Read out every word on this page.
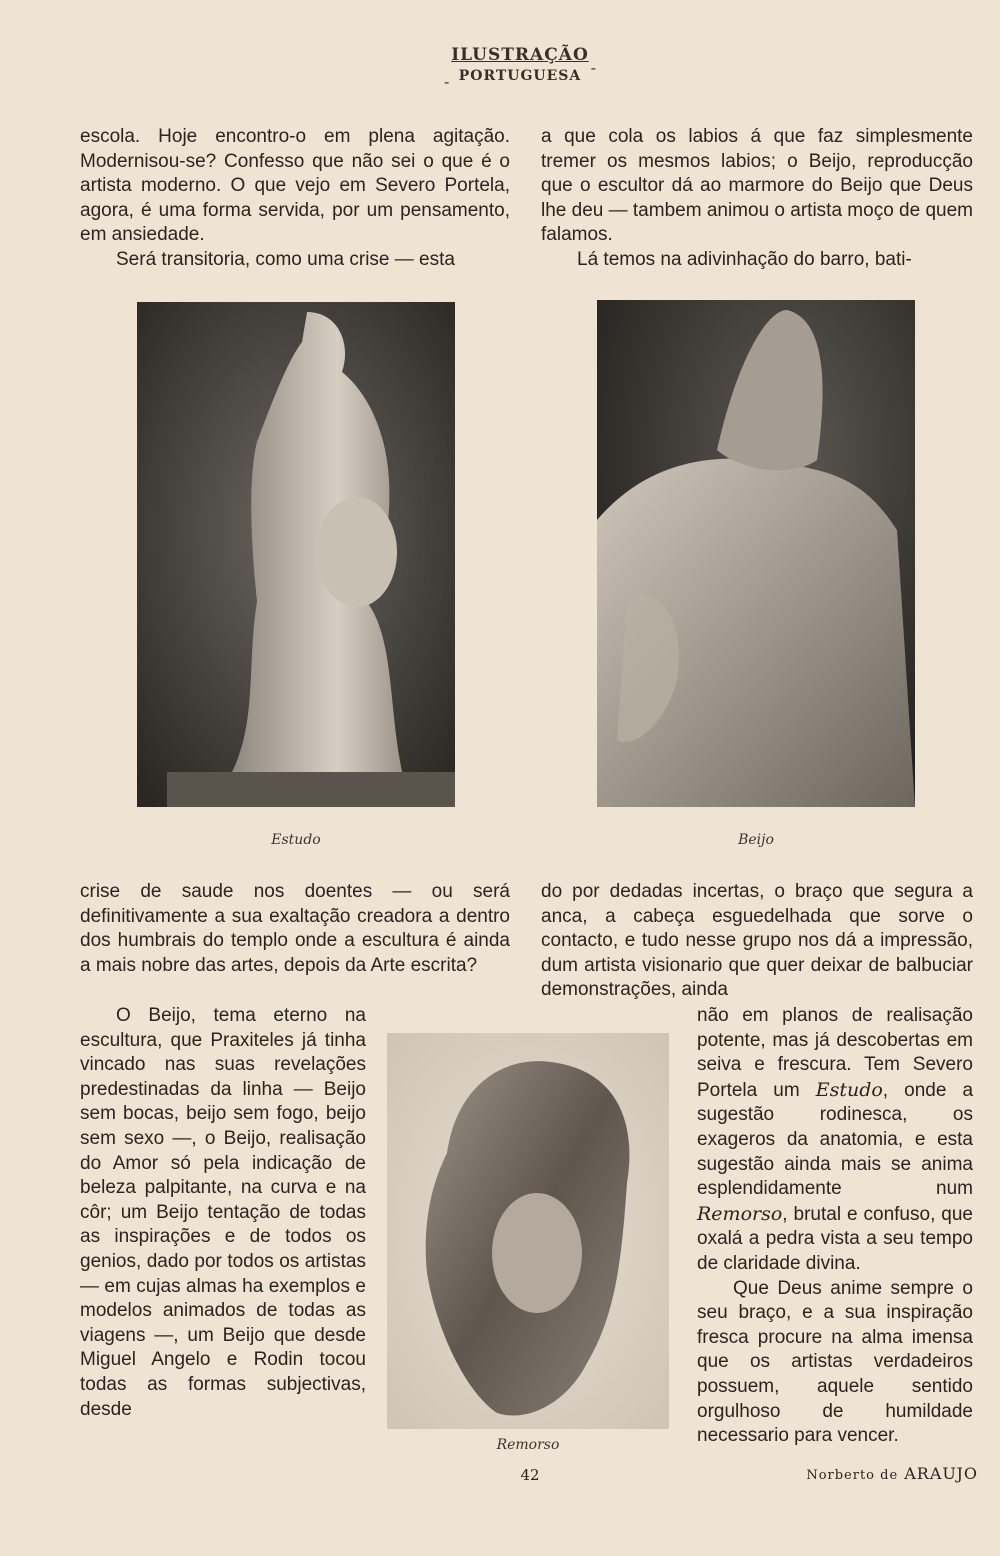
-
ILUSTRAÇÃO
PORTUGUESA -

escola. Hoje encontro-o em plena agitação. Modernisou-se? Confesso que não sei o que é o artista moderno. O que vejo em Severo Portela, agora, é uma forma servida, por um pensamento, em ansiedade.

Será transitoria, como uma crise — esta

a que cola os labios á que faz simplesmente tremer os mesmos labios; o Beijo, reproducção que o escultor dá ao marmore do Beijo que Deus lhe deu — tambem animou o artista moço de quem falamos.

Lá temos na adivinhação do barro, bati-

Estudo	Beijo

crise de saude nos doentes — ou será definitivamente a sua exaltação creadora a dentro dos humbrais do templo onde a escultura é ainda a mais nobre das artes, depois da Arte escrita?

do por dedadas incertas, o braço que segura a anca, a cabeça esguedelhada que sorve o contacto, e tudo nesse grupo nos dá a impressão, dum artista visionario que quer deixar de balbuciar demonstrações, ainda

O Beijo, tema eterno na escultura, que Praxiteles já tinha vincado nas suas revelações predestinadas da linha — Beijo sem bocas, beijo sem fogo, beijo sem sexo —, o Beijo, realisação do Amor só pela indicação de beleza palpitante, na curva e na côr; um Beijo tentação de todas as inspirações e de todos os genios, dado por todos os artistas — em cujas almas ha exemplos e modelos animados de todas as viagens —, um Beijo que desde Miguel Angelo e Rodin tocou todas as formas subjectivas, desde

Remorso

não em planos de realisação potente, mas já descobertas em seiva e frescura. Tem Severo Portela um Estudo, onde a sugestão rodinesca, os exageros da anatomia, e esta sugestão ainda mais se anima esplendidamente num Remorso, brutal e confuso, que oxalá a pedra vista a seu tempo de claridade divina.

Que Deus anime sempre o seu braço, e a sua inspiração fresca procure na alma imensa que os artistas verdadeiros possuem, aquele sentido orgulhoso de humildade necessario para vencer.

42	Norberto de ARAUJO
